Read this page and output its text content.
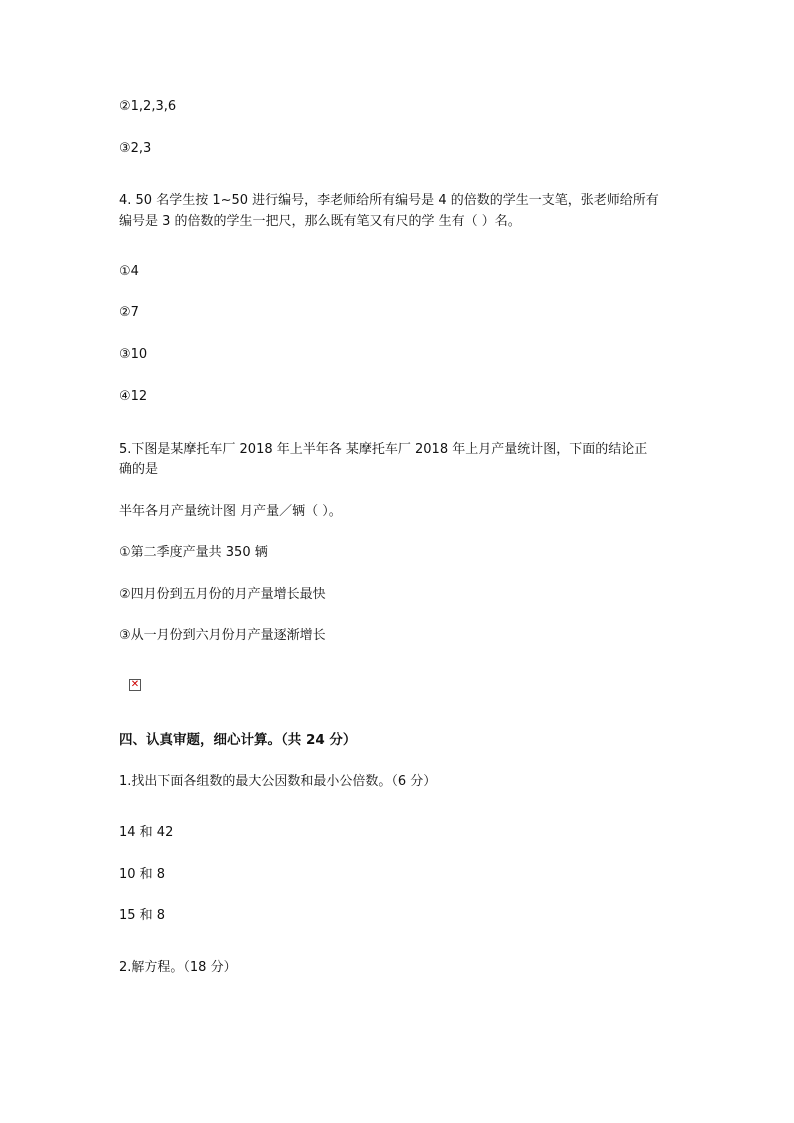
②1,2,3,6
③2,3
4. 50 名学生按 1~50 进行编号，李老师给所有编号是 4 的倍数的学生一支笔，张老师给所有
编号是 3 的倍数的学生一把尺，那么既有笔又有尺的学 生有（ ）名。
①4
②7
③10
④12
5.下图是某摩托车厂 2018 年上半年各 某摩托车厂 2018 年上月产量统计图，下面的结论正
确的是
半年各月产量统计图 月产量／辆（ ）。
①第二季度产量共 350 辆
②四月份到五月份的月产量增长最快
③从一月份到六月份月产量逐渐增长
✕
四、认真审题，细心计算。（共 24 分）
1.找出下面各组数的最大公因数和最小公倍数。（6 分）
14 和 42
10 和 8
15 和 8
2.解方程。（18 分）
